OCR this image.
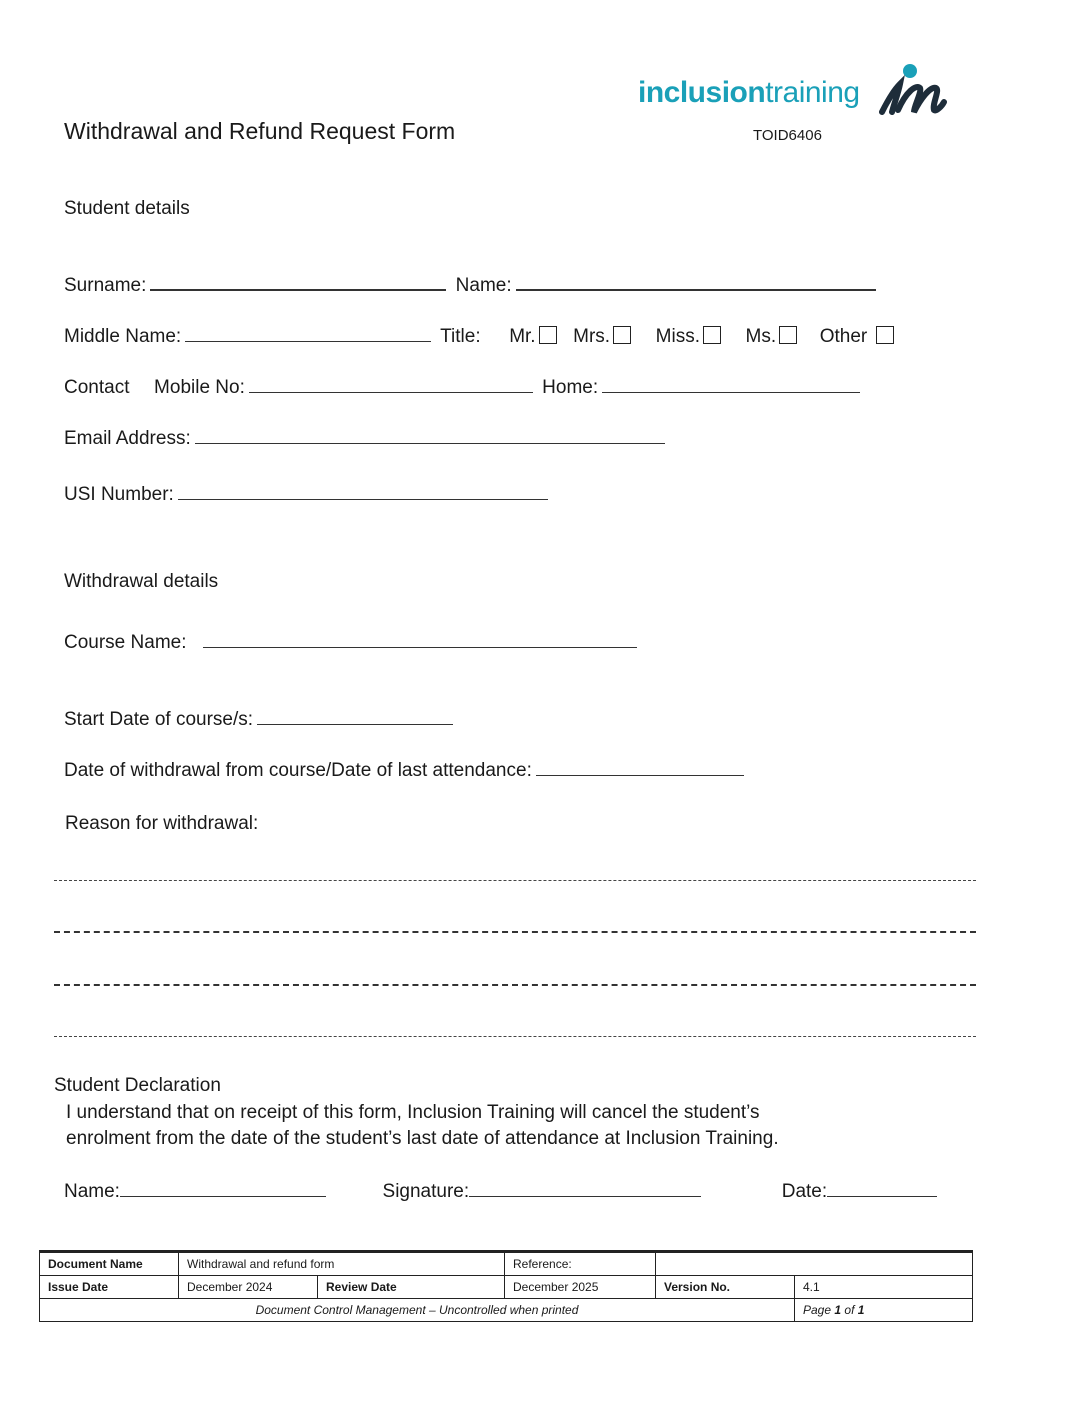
inclusiontraining
Withdrawal and Refund Request Form	TOID6406
Student details
Surname:	Name:
Middle Name:	Title: Mr. Mrs. Miss. Ms. Other
Contact Mobile No:	Home:
Email Address:
USI Number:
Withdrawal details
Course Name:
Start Date of course/s:
Date of withdrawal from course/Date of last attendance:
Reason for withdrawal:
Student Declaration
I understand that on receipt of this form, Inclusion Training will cancel the student’s
enrolment from the date of the student’s last date of attendance at Inclusion Training.
Name:	Signature:	Date:
Document Name	Withdrawal and refund form		Reference:		
Issue Date	December 2024	Review Date	December 2025	Version No.	4.1
Document Control Management – Uncontrolled when printed					Page 1 of 1
